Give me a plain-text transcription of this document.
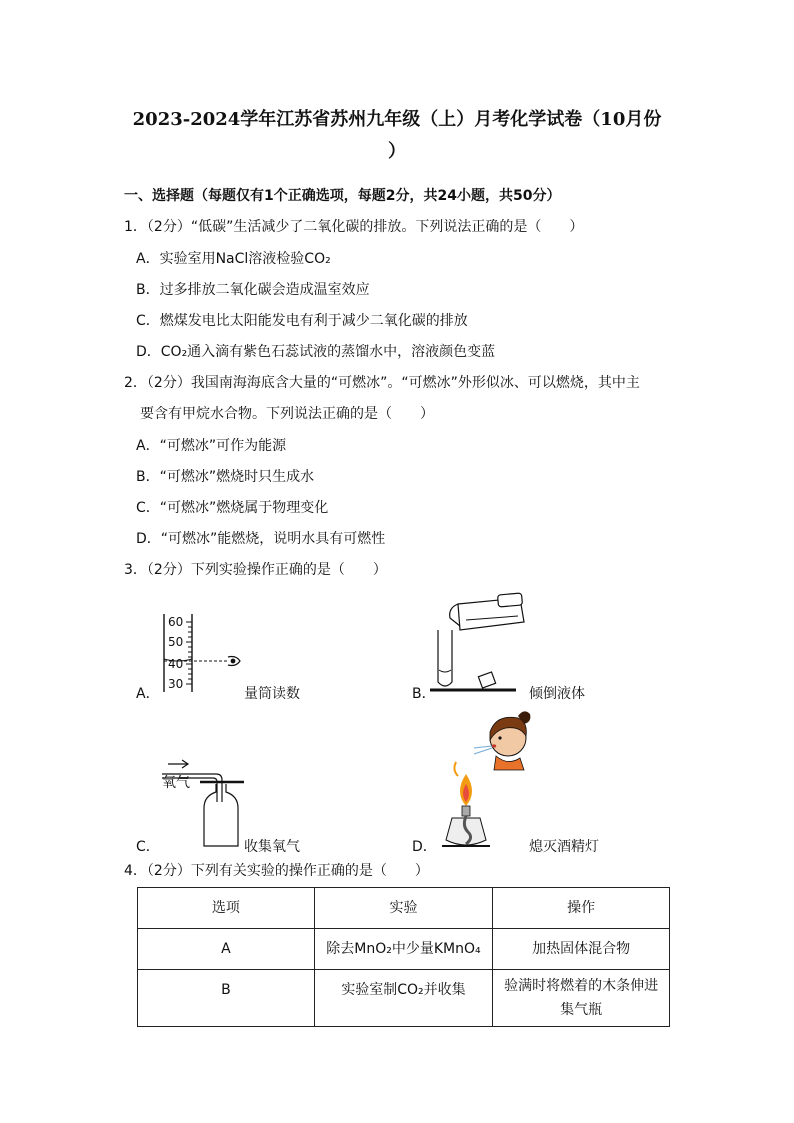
2023-2024学年江苏省苏州九年级（上）月考化学试卷（10月份
）
一、选择题（每题仅有1个正确选项，每题2分，共24小题，共50分）
1．（2分）“低碳”生活减少了二氧化碳的排放。下列说法正确的是（　　）
A．实验室用NaCl溶液检验CO₂
B．过多排放二氧化碳会造成温室效应
C．燃煤发电比太阳能发电有利于减少二氧化碳的排放
D．CO₂通入滴有紫色石蕊试液的蒸馏水中，溶液颜色变蓝
2．（2分）我国南海海底含大量的“可燃冰”。“可燃冰”外形似冰、可以燃烧，其中主
要含有甲烷水合物。下列说法正确的是（　　）
A．“可燃冰”可作为能源
B．“可燃冰”燃烧时只生成水
C．“可燃冰”燃烧属于物理变化
D．“可燃冰”能燃烧，说明水具有可燃性
3．（2分）下列实验操作正确的是（　　）
60
50
40
30
A．	量筒读数	B．	倾倒液体
氧气
C．	收集氧气	D．	熄灭酒精灯
4．（2分）下列有关实验的操作正确的是（　　）
选项	实验	操作
A	除去MnO₂中少量KMnO₄	加热固体混合物
B	实验室制CO₂并收集	验满时将燃着的木条伸进集气瓶
